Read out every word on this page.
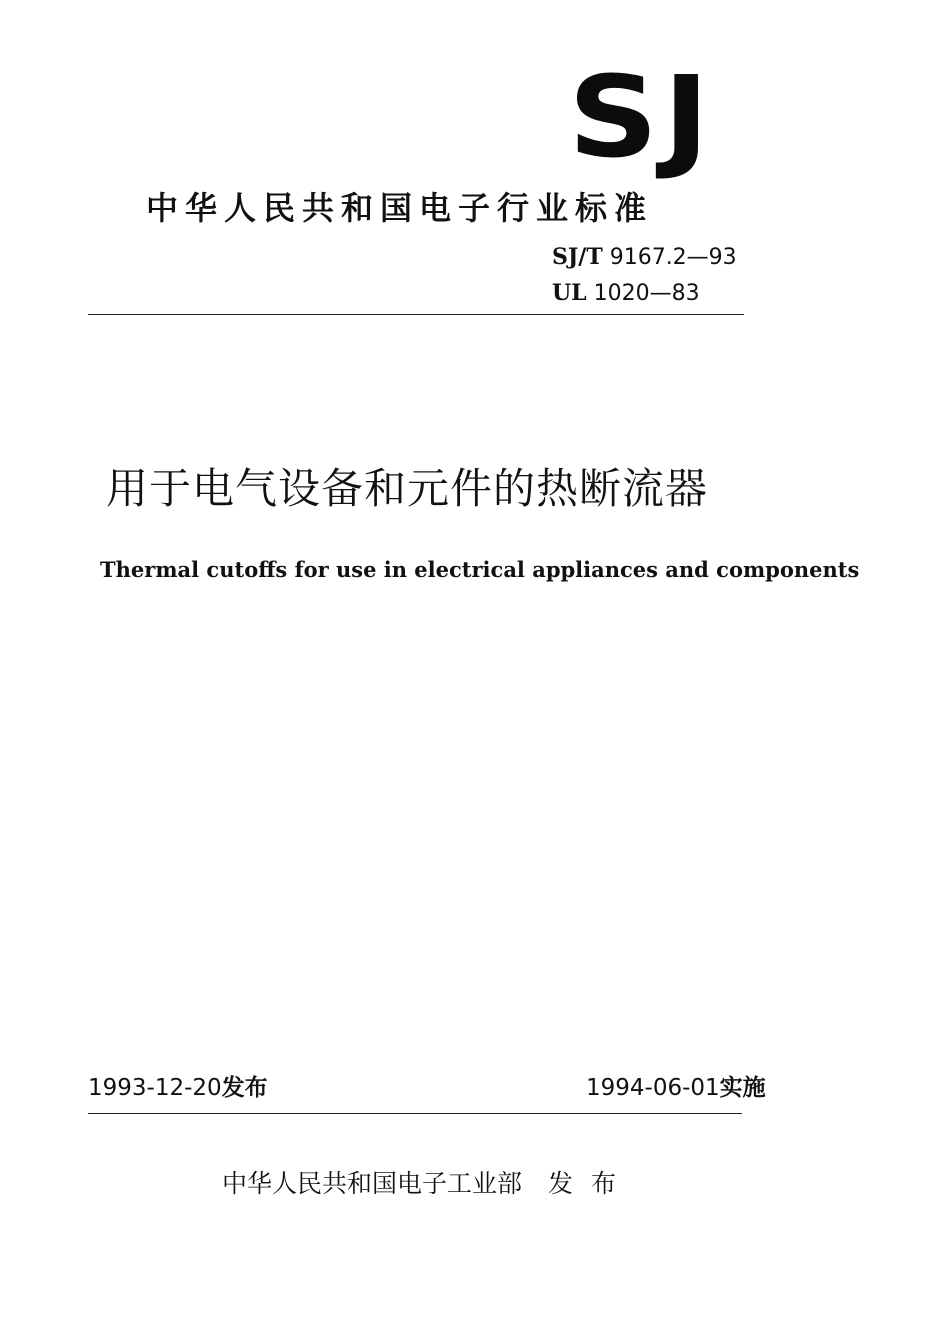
SJ
中华人民共和国电子行业标准
SJ/T 9167.2—93
UL 1020—83
用于电气设备和元件的热断流器
Thermal cutoffs for use in electrical appliances and components
1993-12-20发布	1994-06-01实施
中华人民共和国电子工业部 发 布
